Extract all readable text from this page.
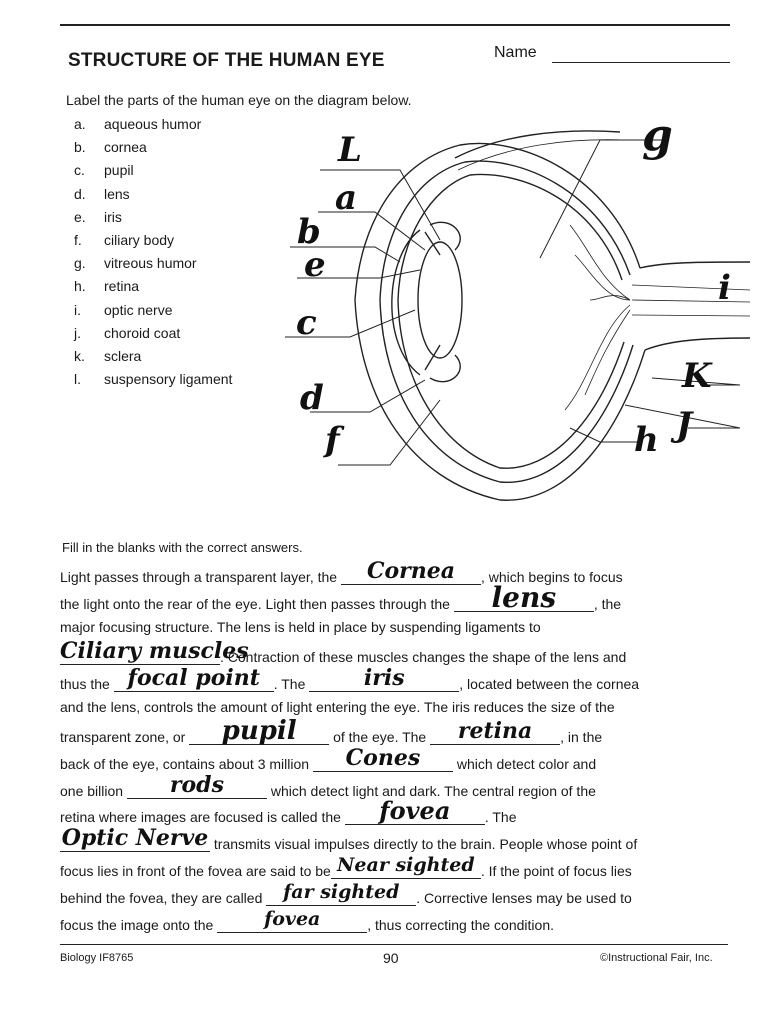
STRUCTURE OF THE HUMAN EYE	Name
Label the parts of the human eye on the diagram below.
a.	aqueous humor
b.	cornea
c.	pupil
d.	lens
e.	iris
f.	ciliary body
g.	vitreous humor
h.	retina
i.	optic nerve
j.	choroid coat
k.	sclera
l.	suspensory ligament
L
a
b
e
c
d
f
g
i
K
J
h
Fill in the blanks with the correct answers.
Light passes through a transparent layer, the	Cornea	, which begins to focus
the light onto the rear of the eye. Light then passes through the	lens	, the
major focusing structure. The lens is held in place by suspending ligaments to
Ciliary muscles
. Contraction of these muscles changes the shape of the lens and
thus the focal point . The	iris	, located between the cornea
and the lens, controls the amount of light entering the eye. The iris reduces the size of the
transparent zone, or	pupil	of the eye. The	retina	, in the
back of the eye, contains about 3 million	Cones	which detect color and
one billion	rods	which detect light and dark. The central region of the
retina where images are focused is called the	fovea	. The
Optic Nerve transmits visual impulses directly to the brain. People whose point of
focus lies in front of the fovea are said to be Near sighted . If the point of focus lies
behind the fovea, they are called	far sighted	. Corrective lenses may be used to
focus the image onto the	fovea	, thus correcting the condition.
Biology IF8765	90	©Instructional Fair, Inc.
